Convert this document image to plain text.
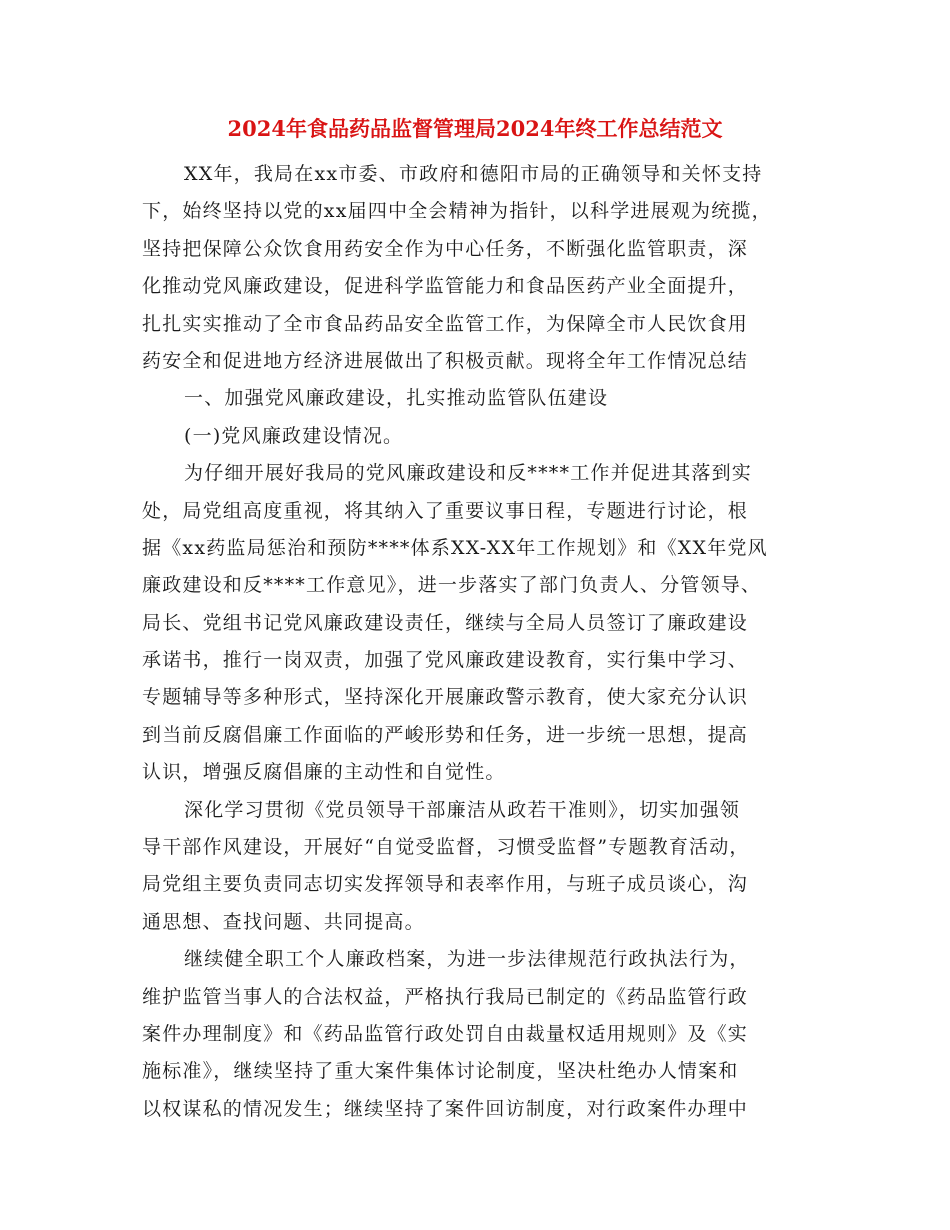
2024年食品药品监督管理局2024年终工作总结范文
XX年，我局在xx市委、市政府和德阳市局的正确领导和关怀支持
下，始终坚持以党的xx届四中全会精神为指针，以科学进展观为统揽，
坚持把保障公众饮食用药安全作为中心任务，不断强化监管职责，深
化推动党风廉政建设，促进科学监管能力和食品医药产业全面提升，
扎扎实实推动了全市食品药品安全监管工作，为保障全市人民饮食用
药安全和促进地方经济进展做出了积极贡献。现将全年工作情况总结
一、加强党风廉政建设，扎实推动监管队伍建设
(一)党风廉政建设情况。
为仔细开展好我局的党风廉政建设和反****工作并促进其落到实
处，局党组高度重视，将其纳入了重要议事日程，专题进行讨论，根
据《xx药监局惩治和预防****体系XX-XX年工作规划》和《XX年党风
廉政建设和反****工作意见》，进一步落实了部门负责人、分管领导、
局长、党组书记党风廉政建设责任，继续与全局人员签订了廉政建设
承诺书，推行一岗双责，加强了党风廉政建设教育，实行集中学习、
专题辅导等多种形式，坚持深化开展廉政警示教育，使大家充分认识
到当前反腐倡廉工作面临的严峻形势和任务，进一步统一思想，提高
认识，增强反腐倡廉的主动性和自觉性。
深化学习贯彻《党员领导干部廉洁从政若干准则》，切实加强领
导干部作风建设，开展好“自觉受监督，习惯受监督”专题教育活动，
局党组主要负责同志切实发挥领导和表率作用，与班子成员谈心，沟
通思想、查找问题、共同提高。
继续健全职工个人廉政档案，为进一步法律规范行政执法行为，
维护监管当事人的合法权益，严格执行我局已制定的《药品监管行政
案件办理制度》和《药品监管行政处罚自由裁量权适用规则》及《实
施标准》，继续坚持了重大案件集体讨论制度，坚决杜绝办人情案和
以权谋私的情况发生；继续坚持了案件回访制度，对行政案件办理中
